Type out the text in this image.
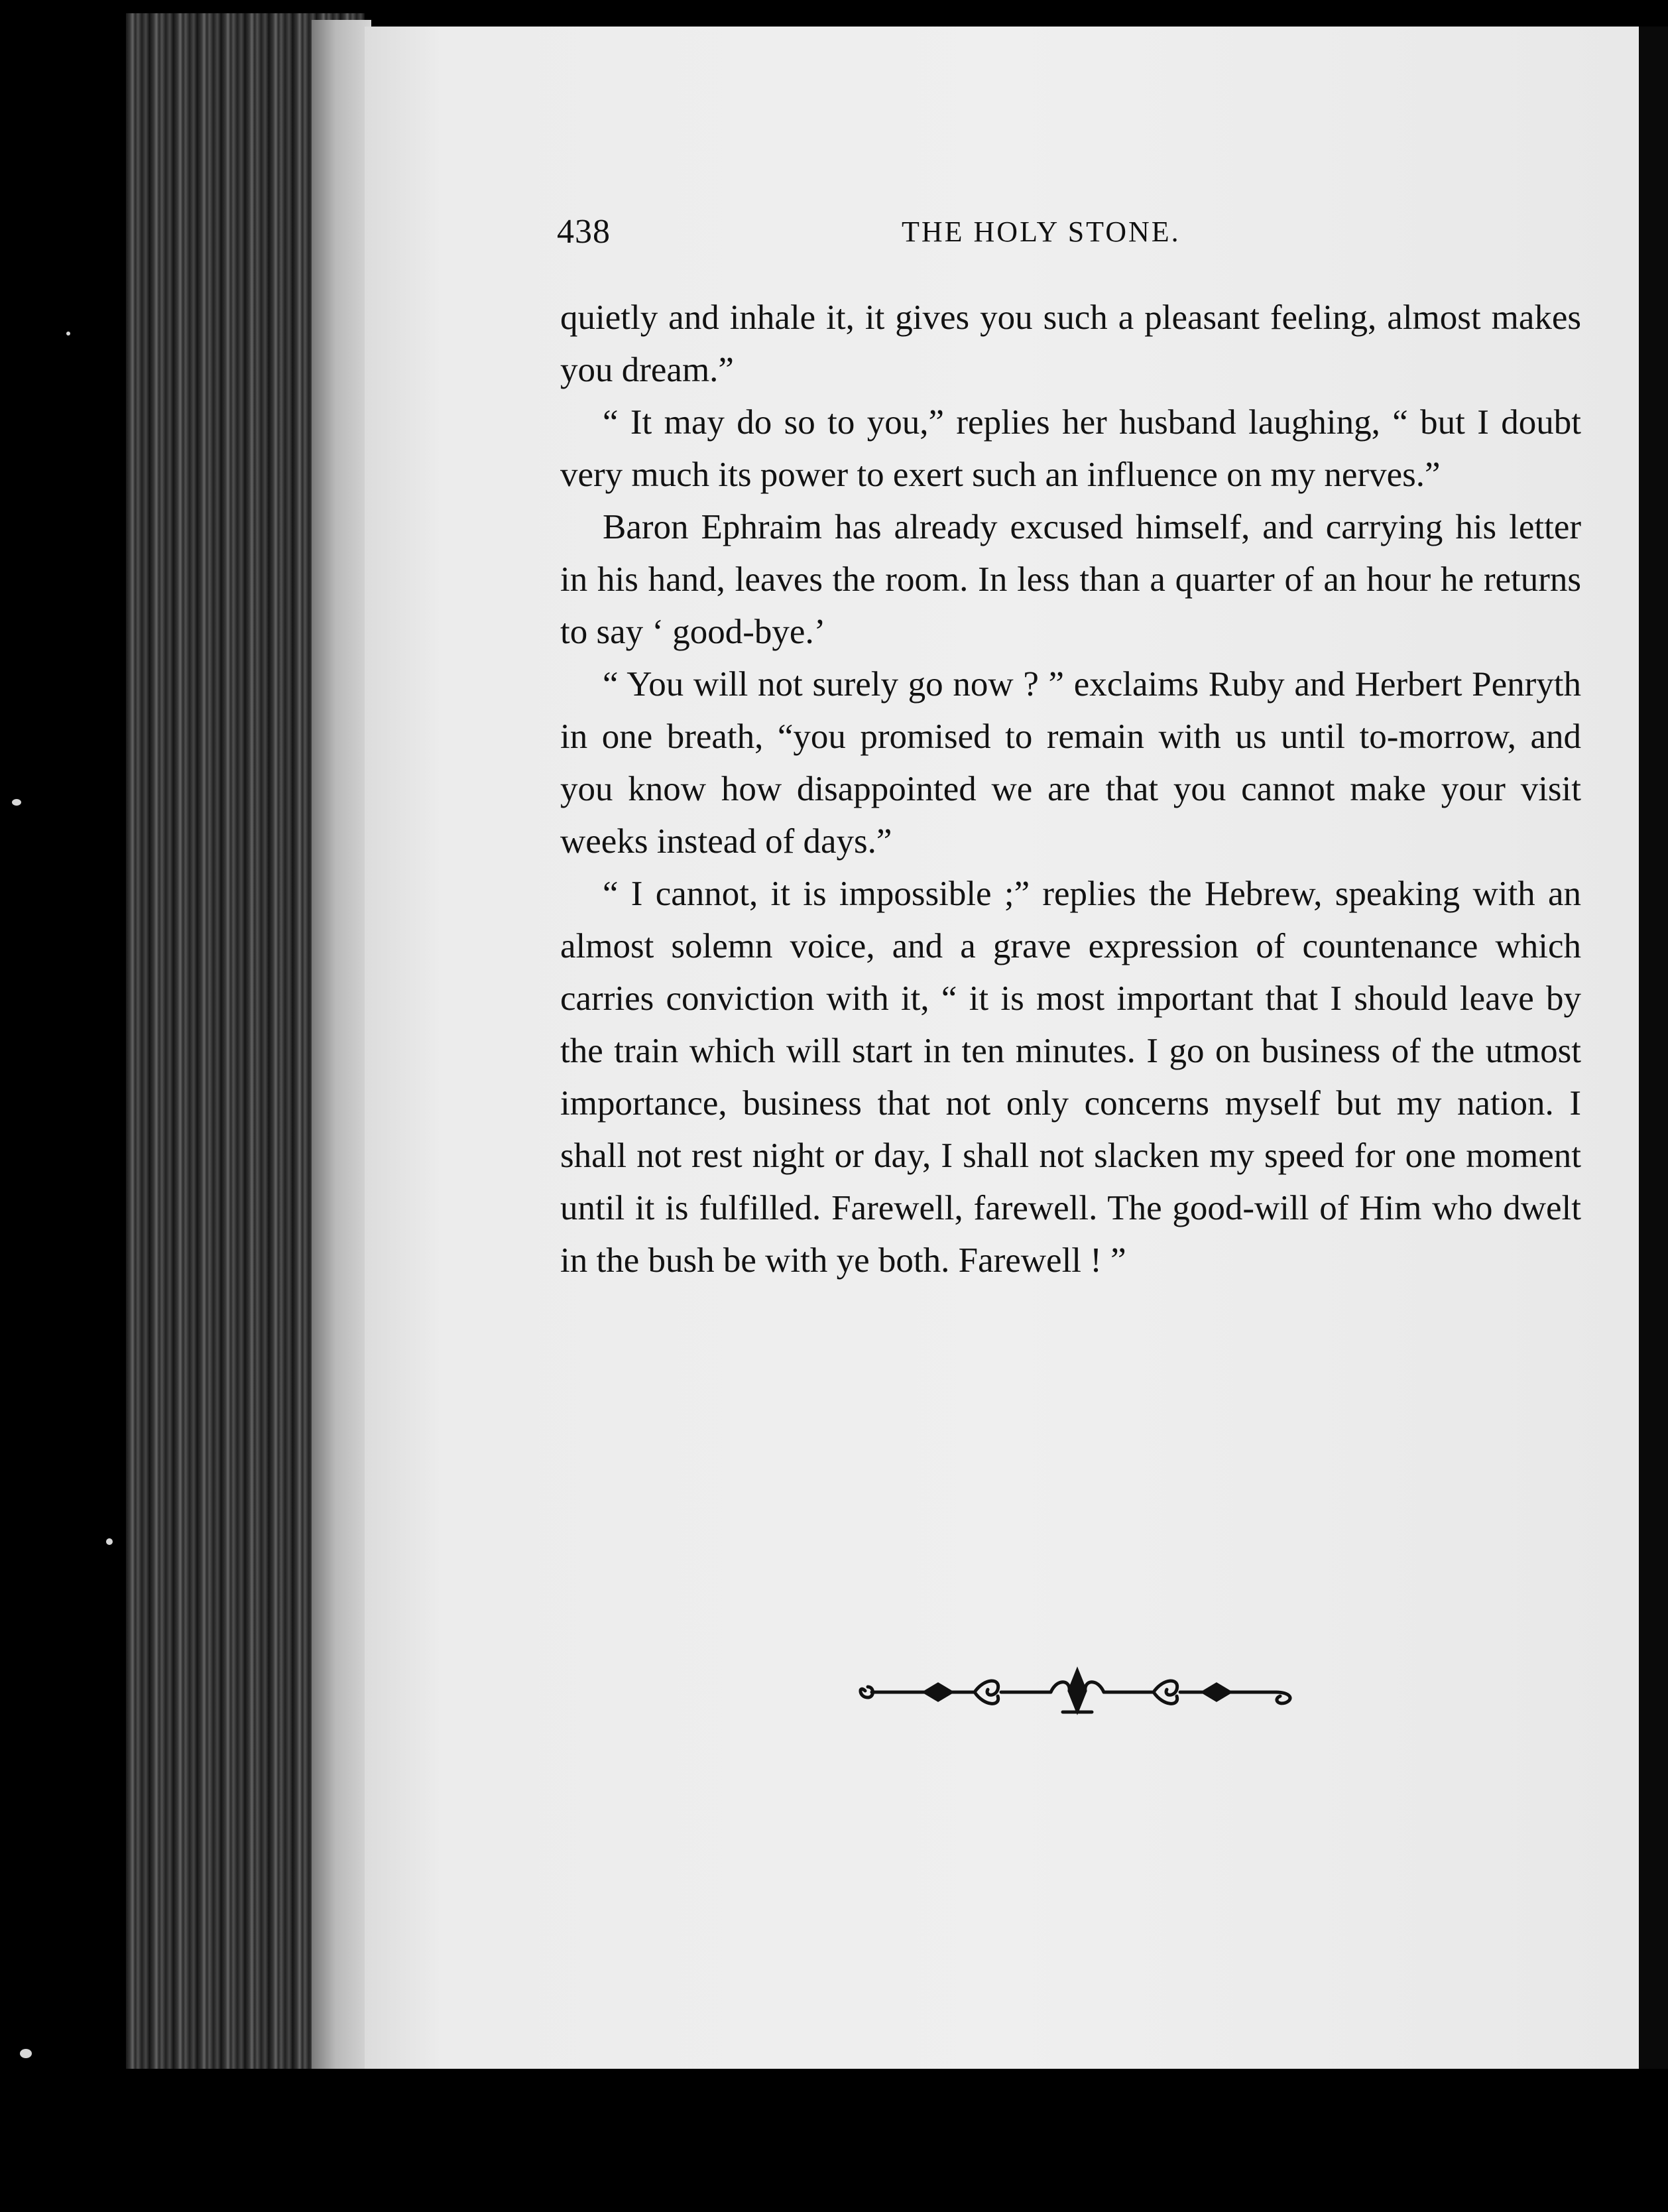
438	THE HOLY STONE.

quietly and inhale it, it gives you such a pleasant feeling, almost makes you dream.”

“ It may do so to you,” replies her husband laughing, “ but I doubt very much its power to exert such an influence on my nerves.”

Baron Ephraim has already excused himself, and carrying his letter in his hand, leaves the room. In less than a quarter of an hour he returns to say ‘ good-bye.’

“ You will not surely go now ? ” exclaims Ruby and Herbert Penryth in one breath, “you promised to remain with us until to-morrow, and you know how disappointed we are that you cannot make your visit weeks instead of days.”

“ I cannot, it is impossible ;” replies the Hebrew, speaking with an almost solemn voice, and a grave expression of countenance which carries conviction with it, “ it is most important that I should leave by the train which will start in ten minutes. I go on business of the utmost importance, business that not only concerns myself but my nation. I shall not rest night or day, I shall not slacken my speed for one moment until it is fulfilled. Farewell, farewell. The good-will of Him who dwelt in the bush be with ye both. Farewell ! ”
